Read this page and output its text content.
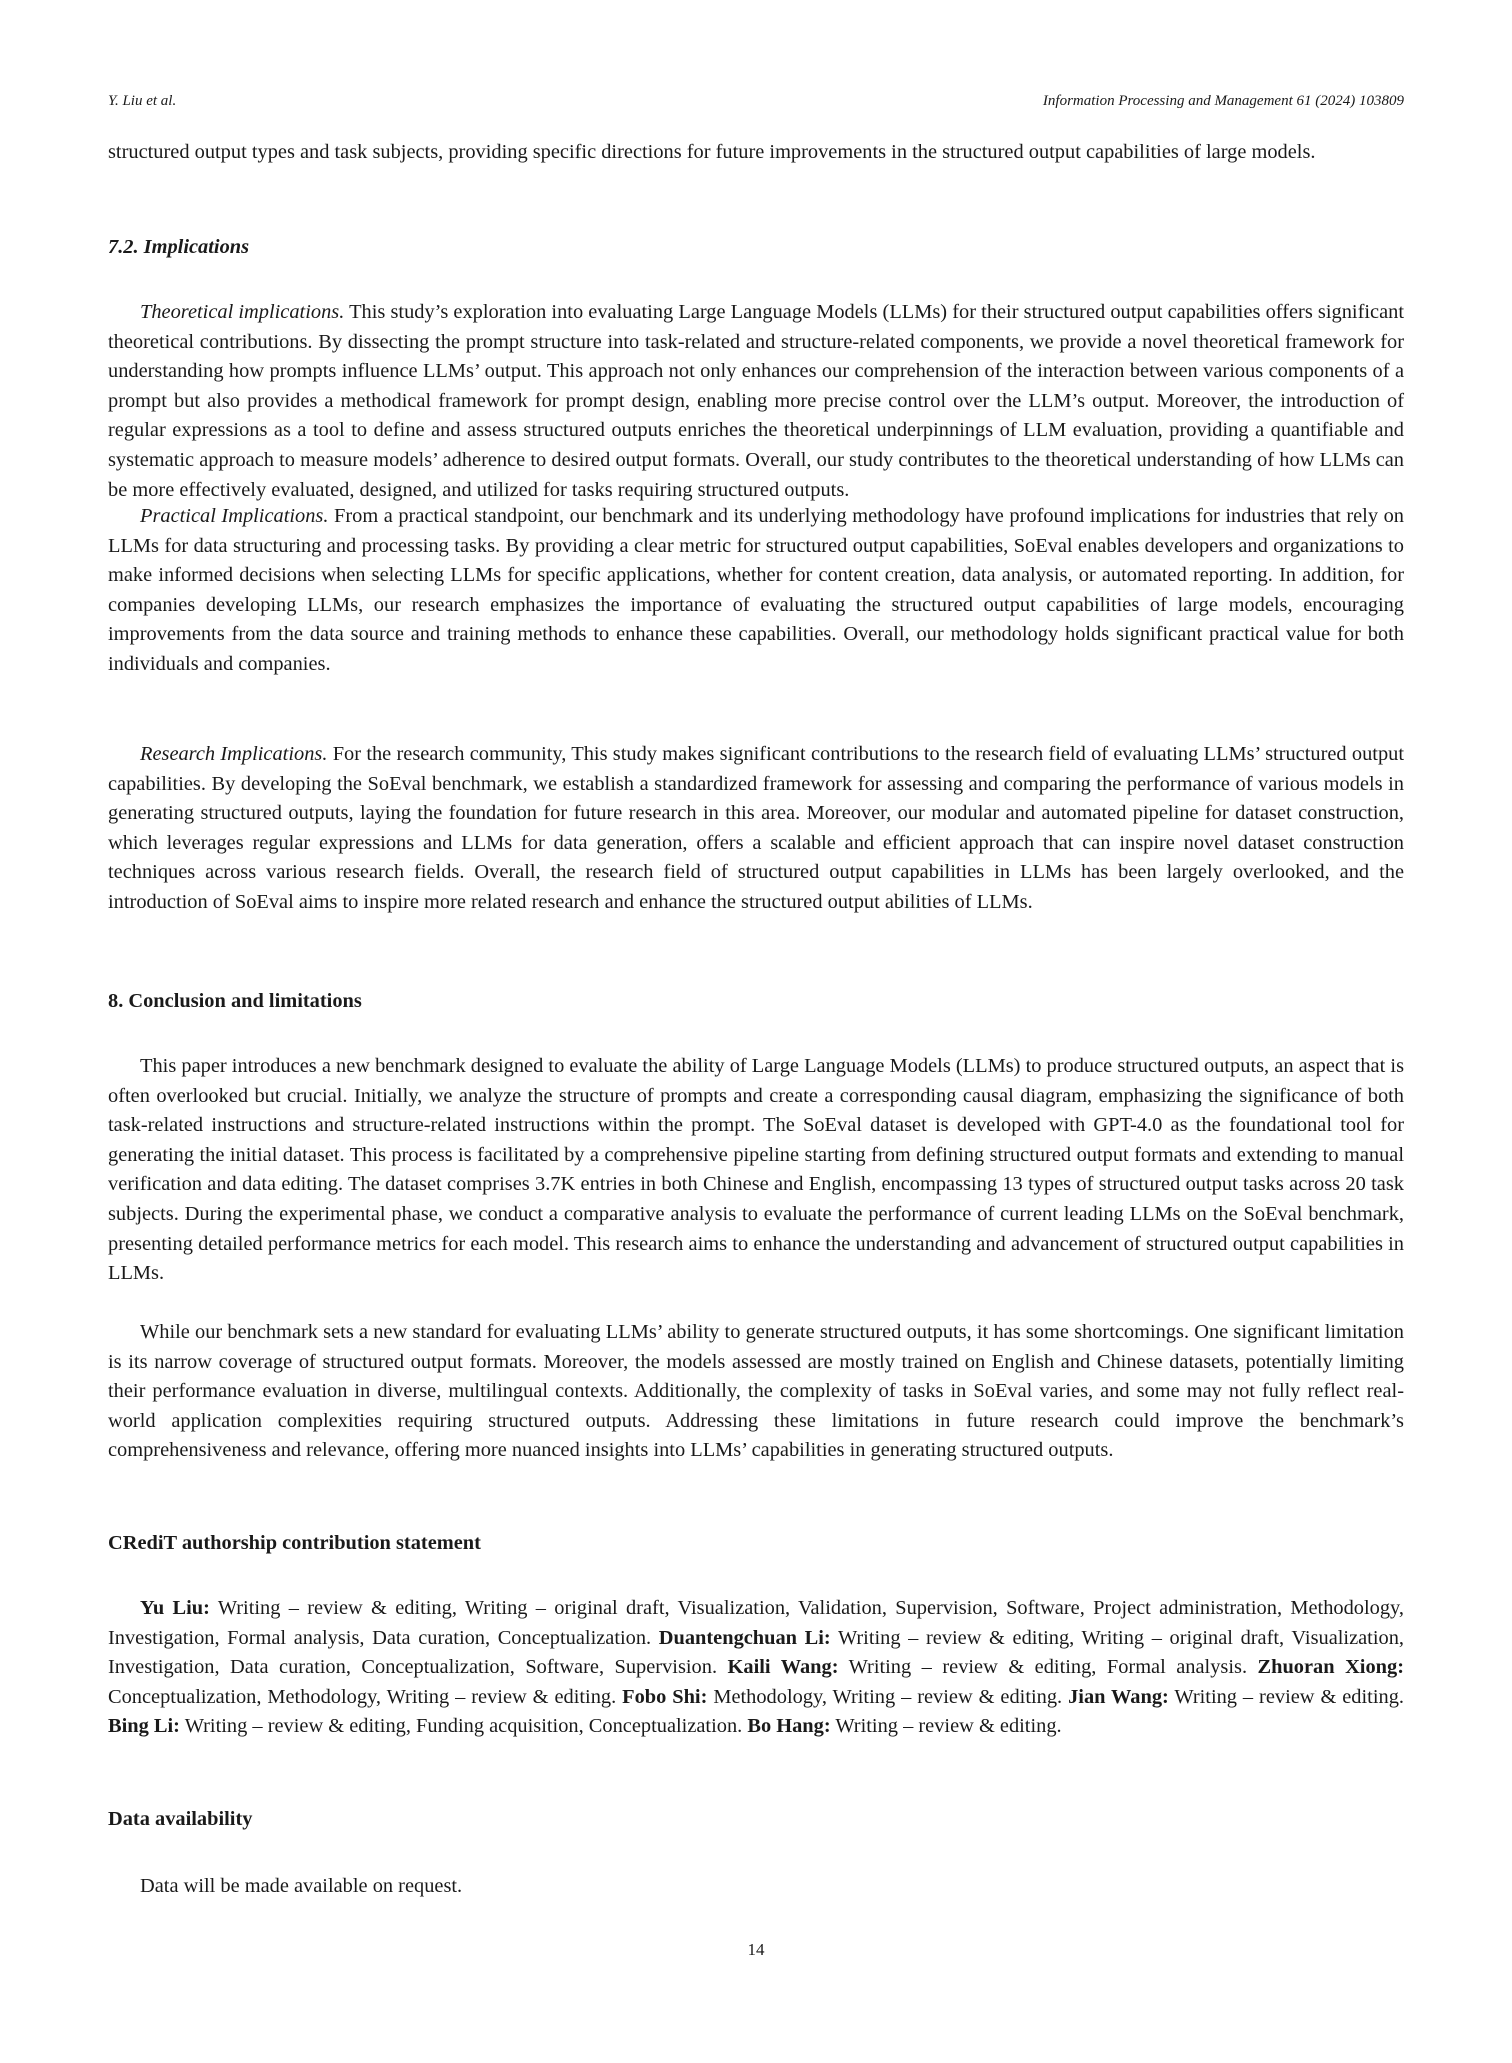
Y. Liu et al.	Information Processing and Management 61 (2024) 103809

structured output types and task subjects, providing specific directions for future improvements in the structured output capabilities of large models.

7.2. Implications

Theoretical implications. This study’s exploration into evaluating Large Language Models (LLMs) for their structured output capabilities offers significant theoretical contributions. By dissecting the prompt structure into task-related and structure-related components, we provide a novel theoretical framework for understanding how prompts influence LLMs’ output. This approach not only enhances our comprehension of the interaction between various components of a prompt but also provides a methodical framework for prompt design, enabling more precise control over the LLM’s output. Moreover, the introduction of regular expressions as a tool to define and assess structured outputs enriches the theoretical underpinnings of LLM evaluation, providing a quantifiable and systematic approach to measure models’ adherence to desired output formats. Overall, our study contributes to the theoretical understanding of how LLMs can be more effectively evaluated, designed, and utilized for tasks requiring structured outputs.

Practical Implications. From a practical standpoint, our benchmark and its underlying methodology have profound implications for industries that rely on LLMs for data structuring and processing tasks. By providing a clear metric for structured output capabilities, SoEval enables developers and organizations to make informed decisions when selecting LLMs for specific applications, whether for content creation, data analysis, or automated reporting. In addition, for companies developing LLMs, our research emphasizes the importance of evaluating the structured output capabilities of large models, encouraging improvements from the data source and training methods to enhance these capabilities. Overall, our methodology holds significant practical value for both individuals and companies.

Research Implications. For the research community, This study makes significant contributions to the research field of evaluating LLMs’ structured output capabilities. By developing the SoEval benchmark, we establish a standardized framework for assessing and comparing the performance of various models in generating structured outputs, laying the foundation for future research in this area. Moreover, our modular and automated pipeline for dataset construction, which leverages regular expressions and LLMs for data generation, offers a scalable and efficient approach that can inspire novel dataset construction techniques across various research fields. Overall, the research field of structured output capabilities in LLMs has been largely overlooked, and the introduction of SoEval aims to inspire more related research and enhance the structured output abilities of LLMs.

8. Conclusion and limitations

This paper introduces a new benchmark designed to evaluate the ability of Large Language Models (LLMs) to produce structured outputs, an aspect that is often overlooked but crucial. Initially, we analyze the structure of prompts and create a corresponding causal diagram, emphasizing the significance of both task-related instructions and structure-related instructions within the prompt. The SoEval dataset is developed with GPT-4.0 as the foundational tool for generating the initial dataset. This process is facilitated by a comprehensive pipeline starting from defining structured output formats and extending to manual verification and data editing. The dataset comprises 3.7K entries in both Chinese and English, encompassing 13 types of structured output tasks across 20 task subjects. During the experimental phase, we conduct a comparative analysis to evaluate the performance of current leading LLMs on the SoEval benchmark, presenting detailed performance metrics for each model. This research aims to enhance the understanding and advancement of structured output capabilities in LLMs.

While our benchmark sets a new standard for evaluating LLMs’ ability to generate structured outputs, it has some shortcomings. One significant limitation is its narrow coverage of structured output formats. Moreover, the models assessed are mostly trained on English and Chinese datasets, potentially limiting their performance evaluation in diverse, multilingual contexts. Additionally, the complexity of tasks in SoEval varies, and some may not fully reflect real-world application complexities requiring structured outputs. Addressing these limitations in future research could improve the benchmark’s comprehensiveness and relevance, offering more nuanced insights into LLMs’ capabilities in generating structured outputs.

CRediT authorship contribution statement

Yu Liu: Writing – review & editing, Writing – original draft, Visualization, Validation, Supervision, Software, Project administration, Methodology, Investigation, Formal analysis, Data curation, Conceptualization. Duantengchuan Li: Writing – review & editing, Writing – original draft, Visualization, Investigation, Data curation, Conceptualization, Software, Supervision. Kaili Wang: Writing – review & editing, Formal analysis. Zhuoran Xiong: Conceptualization, Methodology, Writing – review & editing. Fobo Shi: Methodology, Writing – review & editing. Jian Wang: Writing – review & editing. Bing Li: Writing – review & editing, Funding acquisition, Conceptualization. Bo Hang: Writing – review & editing.

Data availability

Data will be made available on request.

14
